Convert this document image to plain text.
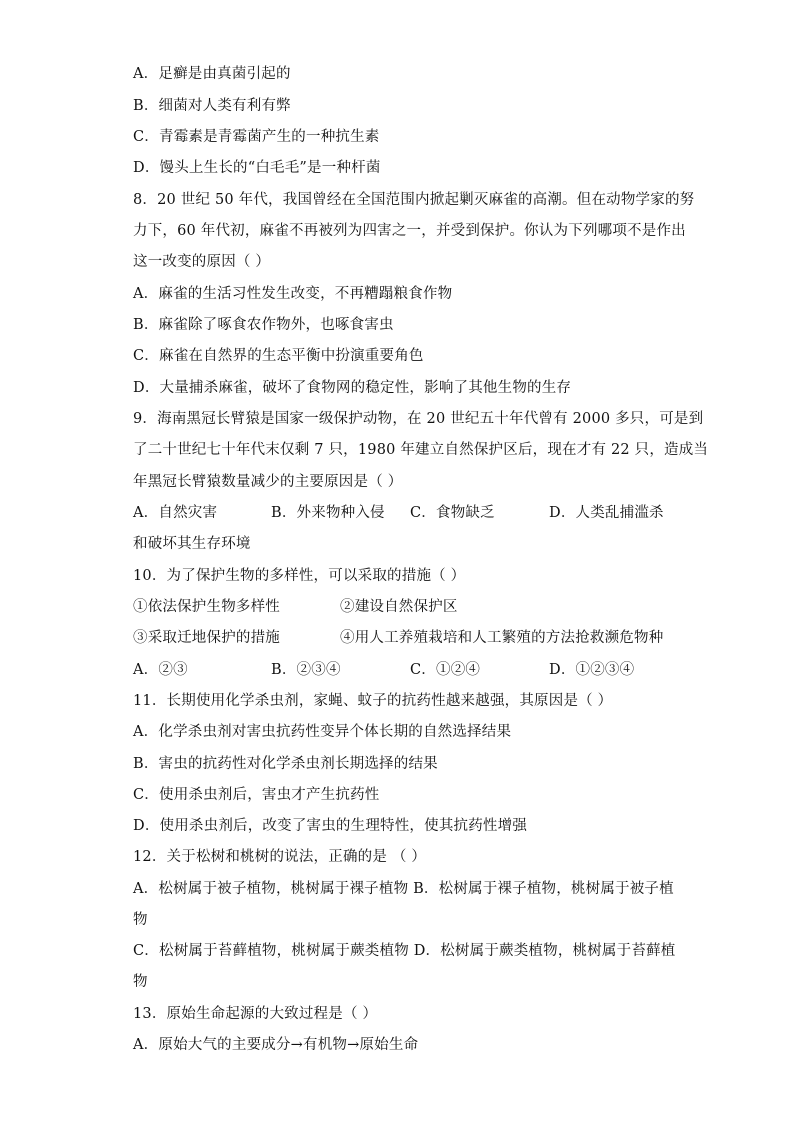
A．足癣是由真菌引起的
B．细菌对人类有利有弊
C．青霉素是青霉菌产生的一种抗生素
D．馒头上生长的“白毛毛”是一种杆菌
8．20 世纪 50 年代，我国曾经在全国范围内掀起剿灭麻雀的高潮。但在动物学家的努
力下，60 年代初，麻雀不再被列为四害之一，并受到保护。你认为下列哪项不是作出
这一改变的原因（ ）
A．麻雀的生活习性发生改变，不再糟蹋粮食作物
B．麻雀除了啄食农作物外，也啄食害虫
C．麻雀在自然界的生态平衡中扮演重要角色
D．大量捕杀麻雀，破坏了食物网的稳定性，影响了其他生物的生存
9．海南黑冠长臂猿是国家一级保护动物，在 20 世纪五十年代曾有 2000 多只，可是到
了二十世纪七十年代末仅剩 7 只，1980 年建立自然保护区后，现在才有 22 只，造成当
年黑冠长臂猿数量减少的主要原因是（ ）
A．自然灾害	B．外来物种入侵 C．食物缺乏	D．人类乱捕滥杀
和破坏其生存环境
10．为了保护生物的多样性，可以采取的措施（ ）
①依法保护生物多样性	②建设自然保护区
③采取迁地保护的措施	④用人工养殖栽培和人工繁殖的方法抢救濒危物种
A．②③	B．②③④	C．①②④	D．①②③④
11．长期使用化学杀虫剂，家蝇、蚊子的抗药性越来越强，其原因是（ ）
A．化学杀虫剂对害虫抗药性变异个体长期的自然选择结果
B．害虫的抗药性对化学杀虫剂长期选择的结果
C．使用杀虫剂后，害虫才产生抗药性
D．使用杀虫剂后，改变了害虫的生理特性，使其抗药性增强
12．关于松树和桃树的说法，正确的是 （ ）
A．松树属于被子植物，桃树属于裸子植物 B．松树属于裸子植物，桃树属于被子植
物
C．松树属于苔藓植物，桃树属于蕨类植物 D．松树属于蕨类植物，桃树属于苔藓植
物
13．原始生命起源的大致过程是（ ）
A．原始大气的主要成分→有机物→原始生命
